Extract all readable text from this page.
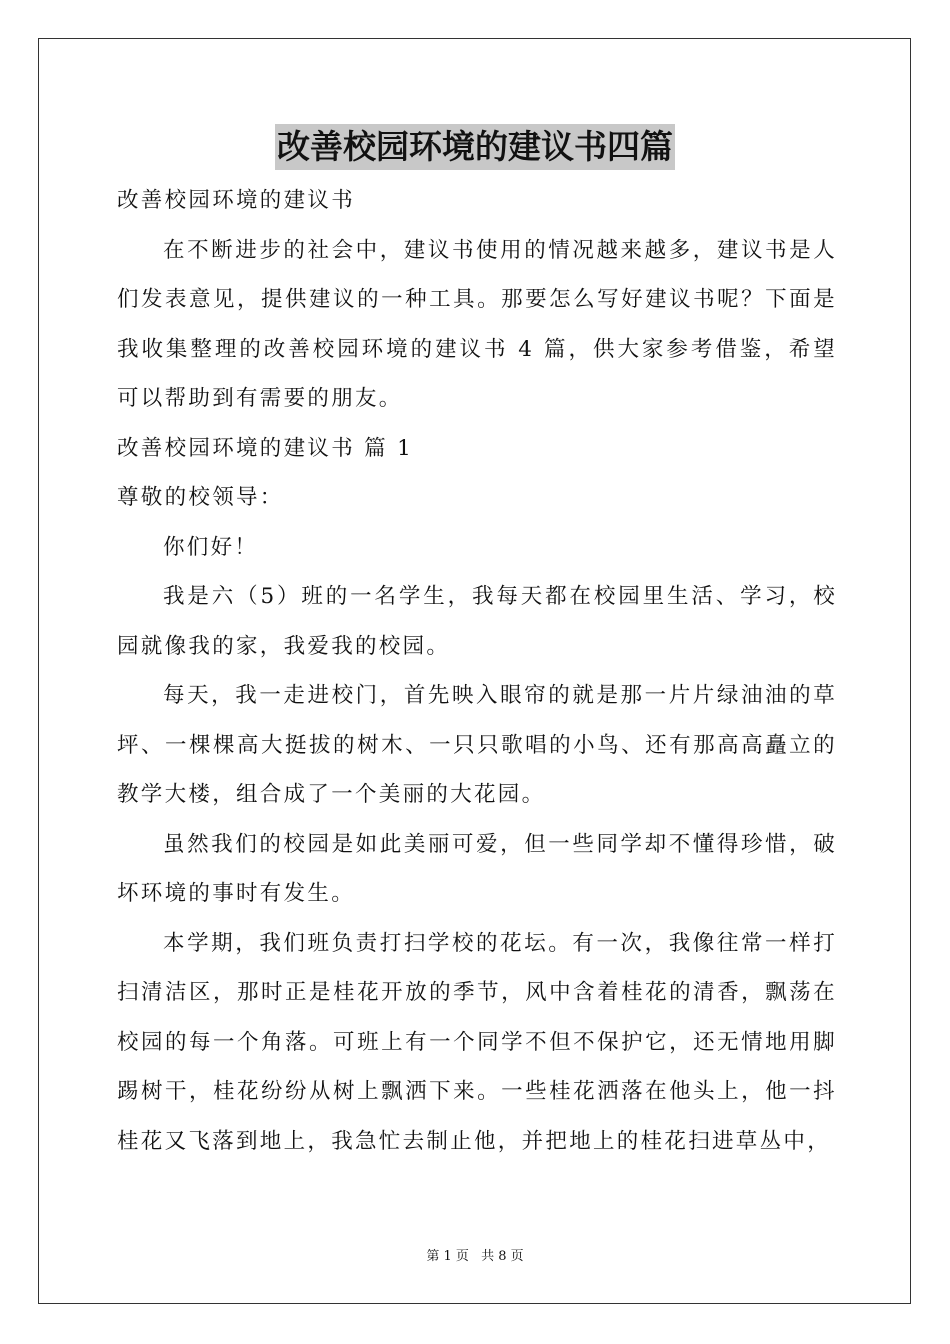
改善校园环境的建议书四篇

改善校园环境的建议书

在不断进步的社会中，建议书使用的情况越来越多，建议书是人们发表意见，提供建议的一种工具。那要怎么写好建议书呢？下面是我收集整理的改善校园环境的建议书 4 篇，供大家参考借鉴，希望可以帮助到有需要的朋友。

改善校园环境的建议书 篇 1

尊敬的校领导：

你们好！

我是六（5）班的一名学生，我每天都在校园里生活、学习，校园就像我的家，我爱我的校园。

每天，我一走进校门，首先映入眼帘的就是那一片片绿油油的草坪、一棵棵高大挺拔的树木、一只只歌唱的小鸟、还有那高高矗立的教学大楼，组合成了一个美丽的大花园。

虽然我们的校园是如此美丽可爱，但一些同学却不懂得珍惜，破坏环境的事时有发生。

本学期，我们班负责打扫学校的花坛。有一次，我像往常一样打扫清洁区，那时正是桂花开放的季节，风中含着桂花的清香，飘荡在校园的每一个角落。可班上有一个同学不但不保护它，还无情地用脚踢树干，桂花纷纷从树上飘洒下来。一些桂花洒落在他头上，他一抖桂花又飞落到地上，我急忙去制止他，并把地上的桂花扫进草丛中，

第 1 页 共 8 页
